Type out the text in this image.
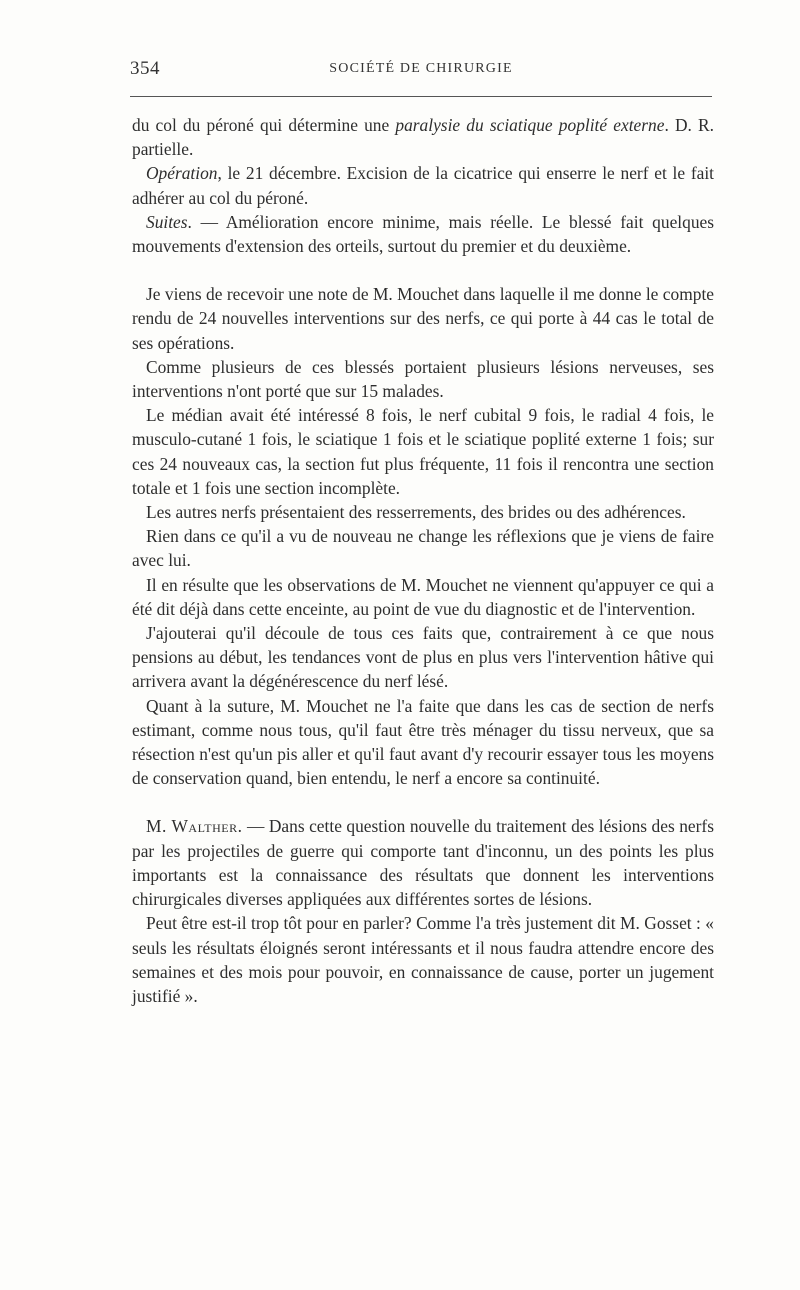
354	SOCIÉTÉ DE CHIRURGIE

du col du péroné qui détermine une paralysie du sciatique poplité externe. D. R. partielle.

Opération, le 21 décembre. Excision de la cicatrice qui enserre le nerf et le fait adhérer au col du péroné.

Suites. — Amélioration encore minime, mais réelle. Le blessé fait quelques mouvements d'extension des orteils, surtout du premier et du deuxième.

Je viens de recevoir une note de M. Mouchet dans laquelle il me donne le compte rendu de 24 nouvelles interventions sur des nerfs, ce qui porte à 44 cas le total de ses opérations.

Comme plusieurs de ces blessés portaient plusieurs lésions nerveuses, ses interventions n'ont porté que sur 15 malades.

Le médian avait été intéressé 8 fois, le nerf cubital 9 fois, le radial 4 fois, le musculo-cutané 1 fois, le sciatique 1 fois et le sciatique poplité externe 1 fois; sur ces 24 nouveaux cas, la section fut plus fréquente, 11 fois il rencontra une section totale et 1 fois une section incomplète.

Les autres nerfs présentaient des resserrements, des brides ou des adhérences.

Rien dans ce qu'il a vu de nouveau ne change les réflexions que je viens de faire avec lui.

Il en résulte que les observations de M. Mouchet ne viennent qu'appuyer ce qui a été dit déjà dans cette enceinte, au point de vue du diagnostic et de l'intervention.

J'ajouterai qu'il découle de tous ces faits que, contrairement à ce que nous pensions au début, les tendances vont de plus en plus vers l'intervention hâtive qui arrivera avant la dégénérescence du nerf lésé.

Quant à la suture, M. Mouchet ne l'a faite que dans les cas de section de nerfs estimant, comme nous tous, qu'il faut être très ménager du tissu nerveux, que sa résection n'est qu'un pis aller et qu'il faut avant d'y recourir essayer tous les moyens de conservation quand, bien entendu, le nerf a encore sa continuité.

M. Walther. — Dans cette question nouvelle du traitement des lésions des nerfs par les projectiles de guerre qui comporte tant d'inconnu, un des points les plus importants est la connaissance des résultats que donnent les interventions chirurgicales diverses appliquées aux différentes sortes de lésions.

Peut être est-il trop tôt pour en parler? Comme l'a très justement dit M. Gosset : « seuls les résultats éloignés seront intéressants et il nous faudra attendre encore des semaines et des mois pour pouvoir, en connaissance de cause, porter un jugement justifié ».
